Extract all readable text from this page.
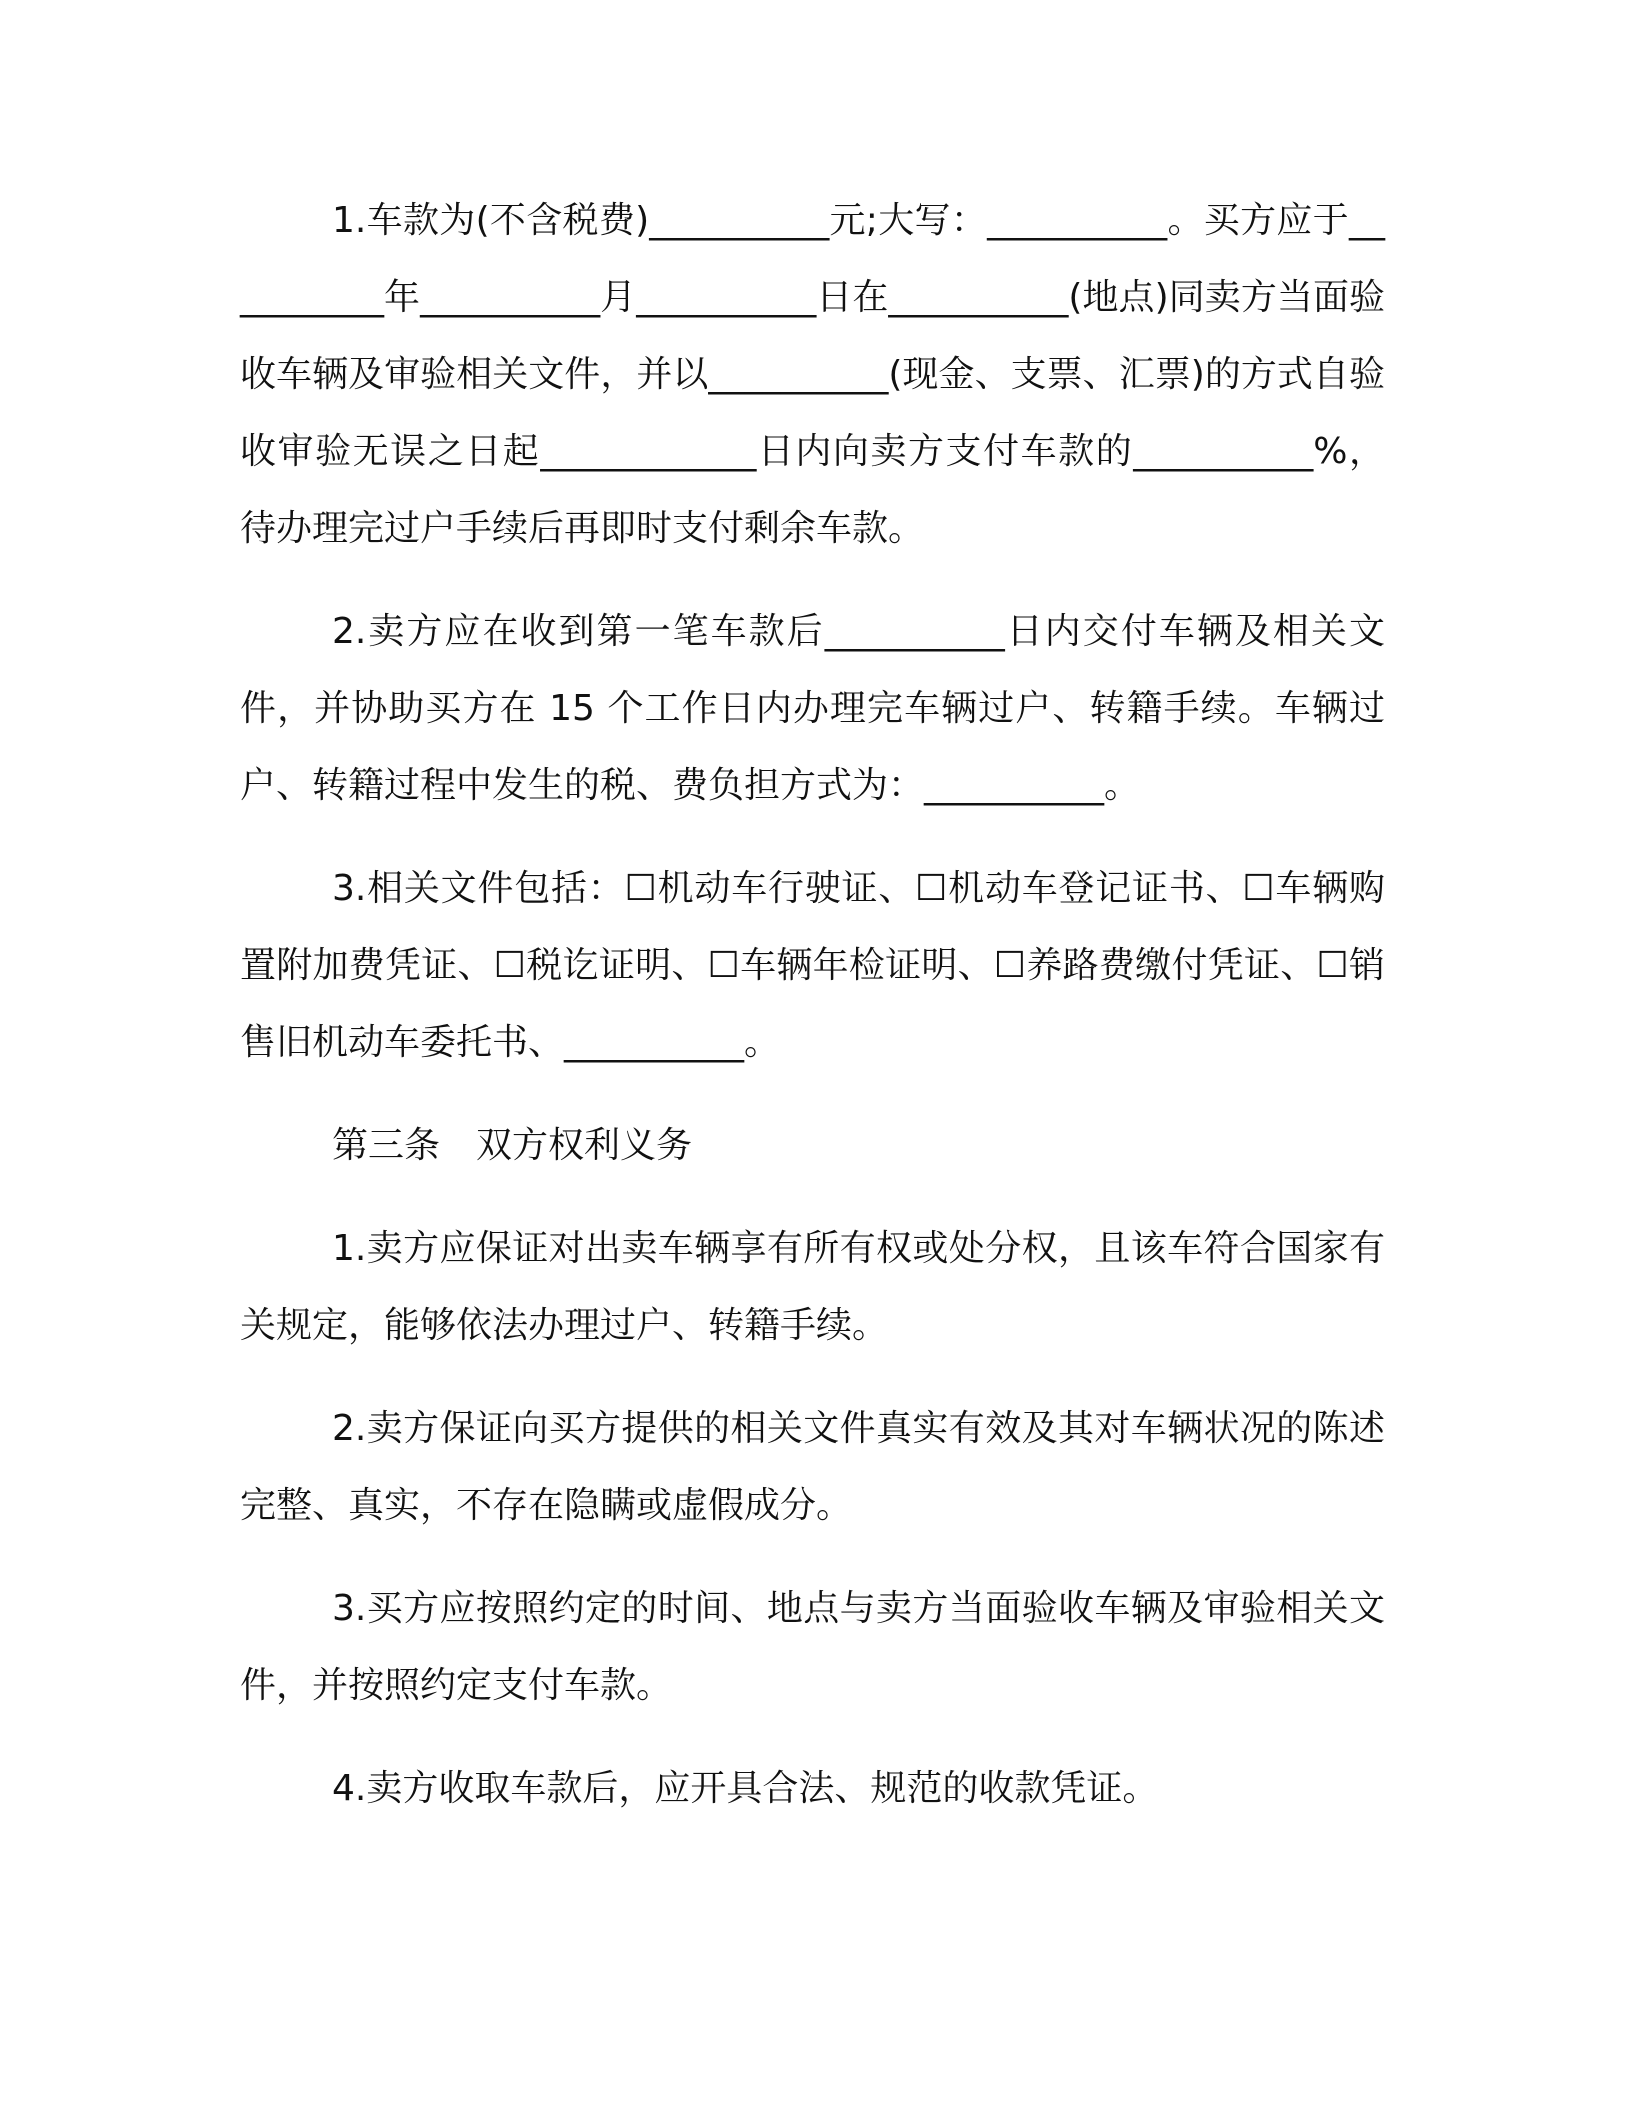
1.车款为(不含税费)__________元;大写：__________。买方应于__________年__________月__________日在__________(地点)同卖方当面验收车辆及审验相关文件，并以__________(现金、支票、汇票)的方式自验收审验无误之日起____________日内向卖方支付车款的__________%，待办理完过户手续后再即时支付剩余车款。

2.卖方应在收到第一笔车款后__________日内交付车辆及相关文件，并协助买方在 15 个工作日内办理完车辆过户、转籍手续。车辆过户、转籍过程中发生的税、费负担方式为：__________。

3.相关文件包括：☐机动车行驶证、☐机动车登记证书、☐车辆购置附加费凭证、☐税讫证明、☐车辆年检证明、☐养路费缴付凭证、☐销售旧机动车委托书、__________。

第三条　双方权利义务

1.卖方应保证对出卖车辆享有所有权或处分权，且该车符合国家有关规定，能够依法办理过户、转籍手续。

2.卖方保证向买方提供的相关文件真实有效及其对车辆状况的陈述完整、真实，不存在隐瞒或虚假成分。

3.买方应按照约定的时间、地点与卖方当面验收车辆及审验相关文件，并按照约定支付车款。

4.卖方收取车款后，应开具合法、规范的收款凭证。
